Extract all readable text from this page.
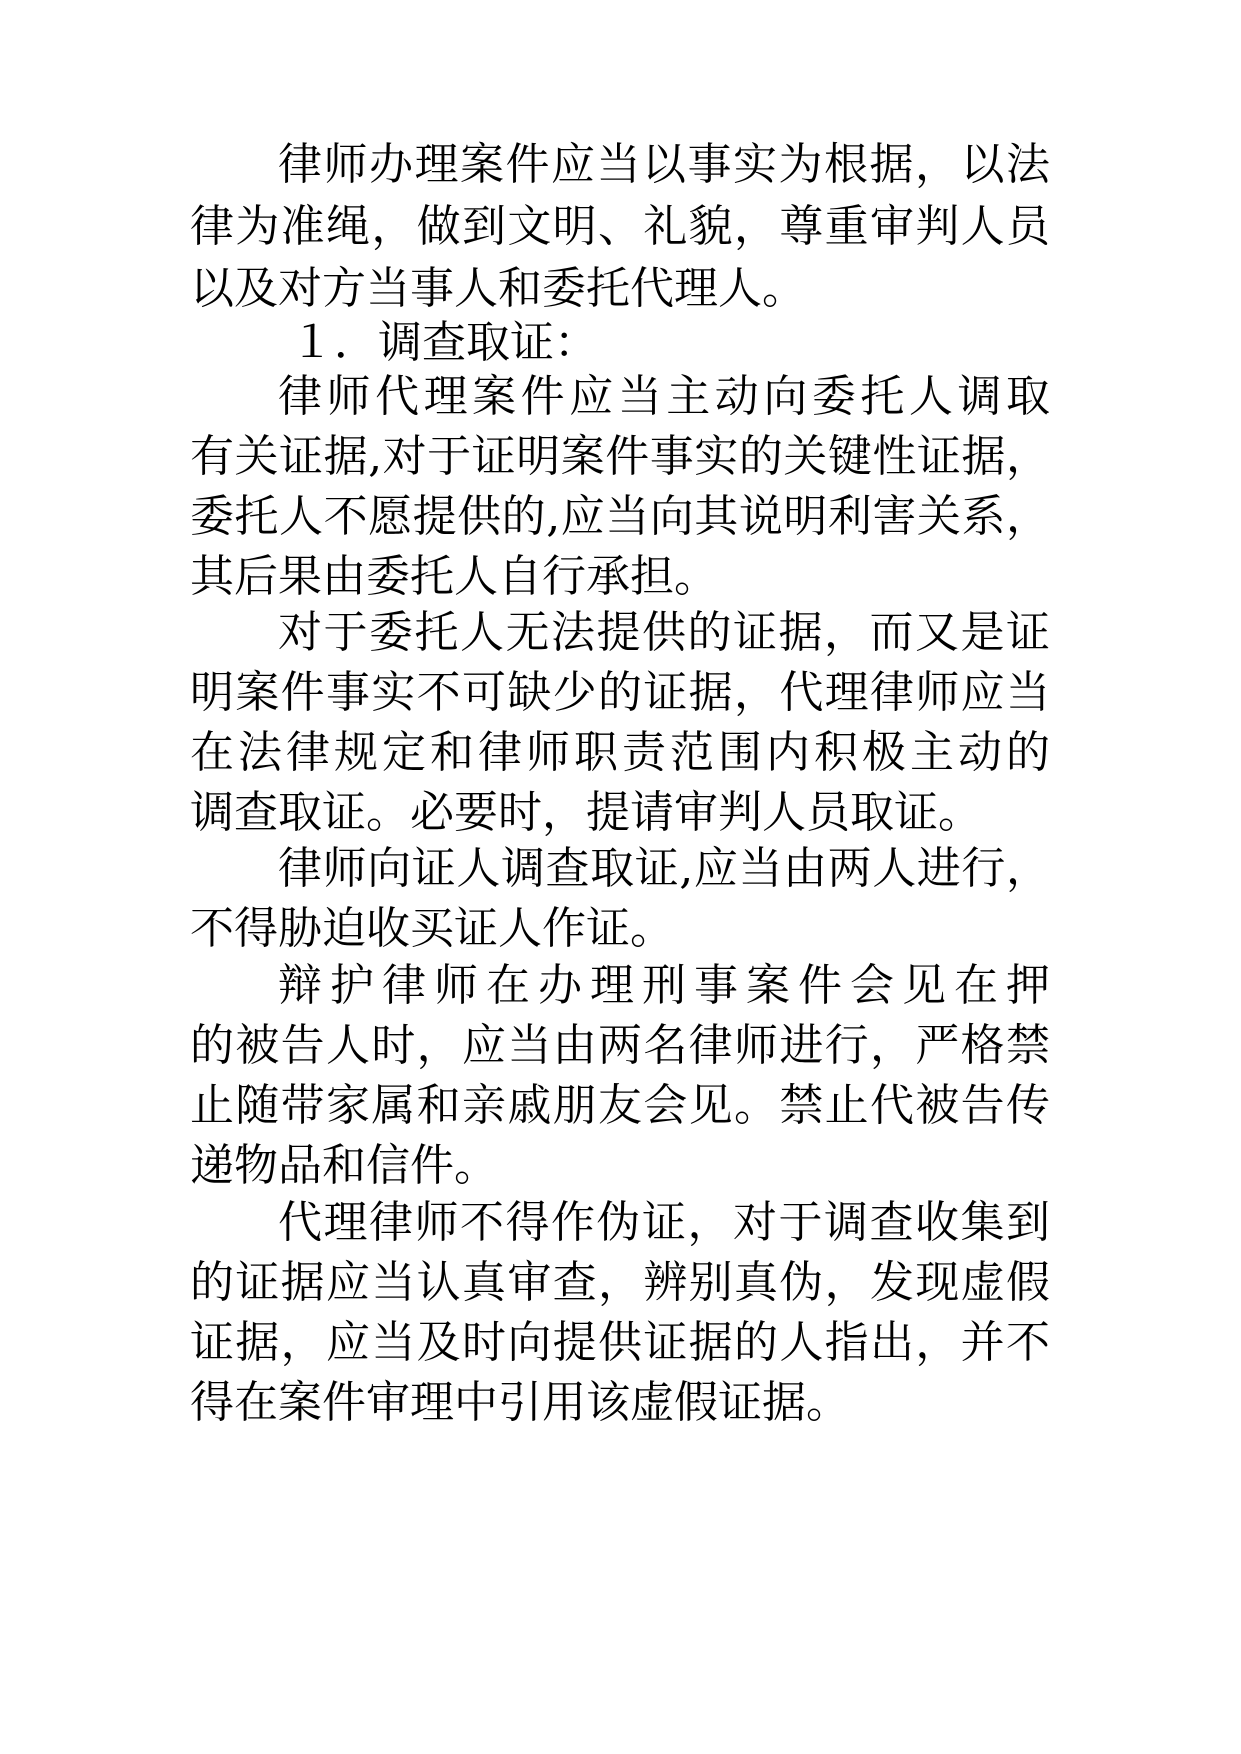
律师办理案件应当以事实为根据，以法
律为准绳，做到文明、礼貌，尊重审判人员
以及对方当事人和委托代理人。
１．调查取证：
律师代理案件应当主动向委托人调取
有关证据,对于证明案件事实的关键性证据，
委托人不愿提供的,应当向其说明利害关系，
其后果由委托人自行承担。
对于委托人无法提供的证据，而又是证
明案件事实不可缺少的证据，代理律师应当
在法律规定和律师职责范围内积极主动的
调查取证。必要时，提请审判人员取证。
律师向证人调查取证,应当由两人进行，
不得胁迫收买证人作证。
辩护律师在办理刑事案件会见在押
的被告人时，应当由两名律师进行，严格禁
止随带家属和亲戚朋友会见。禁止代被告传
递物品和信件。
代理律师不得作伪证，对于调查收集到
的证据应当认真审查，辨别真伪，发现虚假
证据，应当及时向提供证据的人指出，并不
得在案件审理中引用该虚假证据。
